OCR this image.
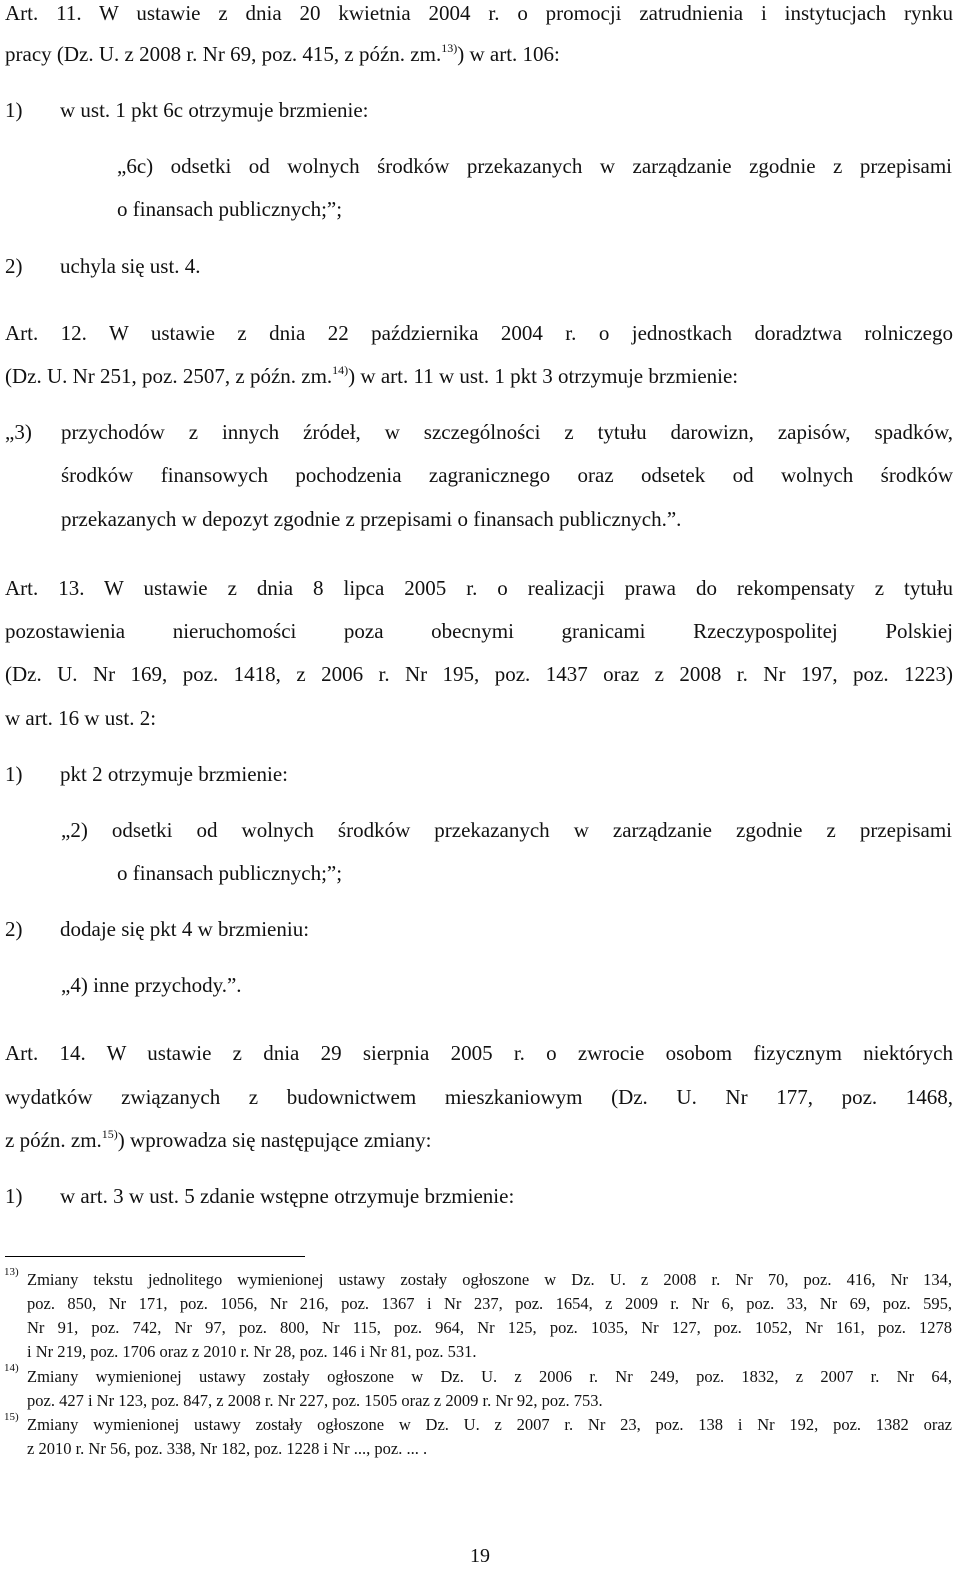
Art. 11. W ustawie z dnia 20 kwietnia 2004 r. o promocji zatrudnienia i instytucjach rynku
pracy (Dz. U. z 2008 r. Nr 69, poz. 415, z późn. zm.$^{13)}$) w art. 106:
1) w ust. 1 pkt 6c otrzymuje brzmienie:
„6c) odsetki od wolnych środków przekazanych w zarządzanie zgodnie z przepisami
o finansach publicznych;”;
2) uchyla się ust. 4.
Art. 12. W ustawie z dnia 22 października 2004 r. o jednostkach doradztwa rolniczego
(Dz. U. Nr 251, poz. 2507, z późn. zm.$^{14)}$) w art. 11 w ust. 1 pkt 3 otrzymuje brzmienie:
„3) przychodów z innych źródeł, w szczególności z tytułu darowizn, zapisów, spadków,
środków finansowych pochodzenia zagranicznego oraz odsetek od wolnych środków
przekazanych w depozyt zgodnie z przepisami o finansach publicznych.”.
Art. 13. W ustawie z dnia 8 lipca 2005 r. o realizacji prawa do rekompensaty z tytułu
pozostawienia nieruchomości poza obecnymi granicami Rzeczypospolitej Polskiej
(Dz. U. Nr 169, poz. 1418, z 2006 r. Nr 195, poz. 1437 oraz z 2008 r. Nr 197, poz. 1223)
w art. 16 w ust. 2:
1) pkt 2 otrzymuje brzmienie:
„2) odsetki od wolnych środków przekazanych w zarządzanie zgodnie z przepisami
o finansach publicznych;”;
2) dodaje się pkt 4 w brzmieniu:
„4) inne przychody.”.
Art. 14. W ustawie z dnia 29 sierpnia 2005 r. o zwrocie osobom fizycznym niektórych
wydatków związanych z budownictwem mieszkaniowym (Dz. U. Nr 177, poz. 1468,
z późn. zm.$^{15)}$) wprowadza się następujące zmiany:
1) w art. 3 w ust. 5 zdanie wstępne otrzymuje brzmienie:
13) Zmiany tekstu jednolitego wymienionej ustawy zostały ogłoszone w Dz. U. z 2008 r. Nr 70, poz. 416, Nr 134,
poz. 850, Nr 171, poz. 1056, Nr 216, poz. 1367 i Nr 237, poz. 1654, z 2009 r. Nr 6, poz. 33, Nr 69, poz. 595,
Nr 91, poz. 742, Nr 97, poz. 800, Nr 115, poz. 964, Nr 125, poz. 1035, Nr 127, poz. 1052, Nr 161, poz. 1278
i Nr 219, poz. 1706 oraz z 2010 r. Nr 28, poz. 146 i Nr 81, poz. 531.
14) Zmiany wymienionej ustawy zostały ogłoszone w Dz. U. z 2006 r. Nr 249, poz. 1832, z 2007 r. Nr 64,
poz. 427 i Nr 123, poz. 847, z 2008 r. Nr 227, poz. 1505 oraz z 2009 r. Nr 92, poz. 753.
15) Zmiany wymienionej ustawy zostały ogłoszone w Dz. U. z 2007 r. Nr 23, poz. 138 i Nr 192, poz. 1382 oraz
z 2010 r. Nr 56, poz. 338, Nr 182, poz. 1228 i Nr ..., poz. ... .
19
